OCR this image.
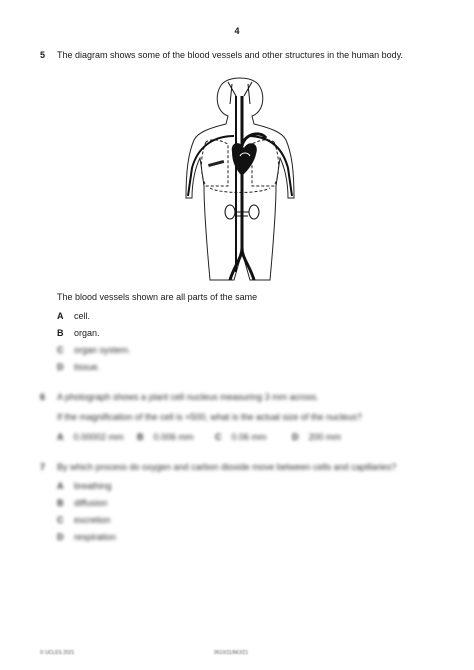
4
5 The diagram shows some of the blood vessels and other structures in the human body.
The blood vessels shown are all parts of the same
A cell.
B organ.
C organ system.
D tissue.
6 A photograph shows a plant cell nucleus measuring 3 mm across.
If the magnification of the cell is ×500, what is the actual size of the nucleus?
A 0.00002 mm B 0.006 mm C 0.06 mm	D 200 mm
7 By which process do oxygen and carbon dioxide move between cells and capillaries?
A breathing
B diffusion
C excretion
D respiration
© UCLES 2021	0610/11/M/J/21
